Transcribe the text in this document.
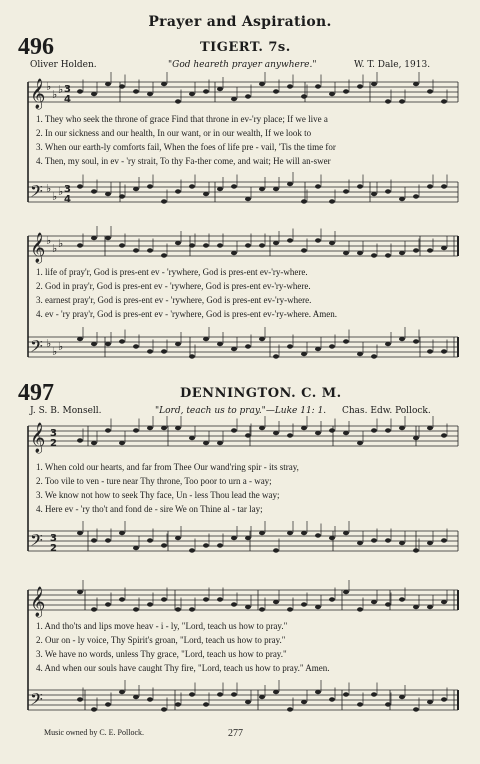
Prayer and Aspiration.
496	TIGERT. 7s.
Oliver Holden.	"God heareth prayer anywhere."	W. T. Dale, 1913.
𝄞
𝄢
𝄞
𝄢
𝄞
𝄢
𝄞
𝄢
♭
♭ ♭
♭
♭ ♭
♭
♭ ♭
♭
♭ ♭
3
4
3
4
3
2
3
2
1. They who seek the throne of grace Find that throne in ev-'ry place; If we live a
2. In our sickness and our health, In our want, or in our wealth, If we look to
3. When our earth-ly comforts fail, When the foes of life pre - vail, 'Tis the time for
4. Then, my soul, in ev - 'ry strait, To thy Fa-ther come, and wait; He will an-swer
1. life of pray'r, God is pres-ent ev - 'rywhere, God is pres-ent ev-'ry-where.
2. God in pray'r, God is pres-ent ev - 'rywhere, God is pres-ent ev-'ry-where.
3. earnest pray'r, God is pres-ent ev - 'rywhere, God is pres-ent ev-'ry-where.
4. ev - 'ry pray'r, God is pres-ent ev - 'rywhere, God is pres-ent ev-'ry-where. Amen.
497	DENNINGTON. C. M.
J. S. B. Monsell.	"Lord, teach us to pray."—Luke 11: 1. Chas. Edw. Pollock.
1. When cold our hearts, and far from Thee Our wand'ring spir - its stray,
2. Too vile to ven - ture near Thy throne, Too poor to urn a - way;
3. We know not how to seek Thy face, Un - less Thou lead the way;
4. Here ev - 'ry tho't and fond de - sire We on Thine al - tar lay;
1. And tho'ts and lips move heav - i - ly, "Lord, teach us how to pray."
2. Our on - ly voice, Thy Spirit's groan, "Lord, teach us how to pray."
3. We have no words, unless Thy grace, "Lord, teach us how to pray."
4. And when our souls have caught Thy fire, "Lord, teach us how to pray." Amen.
Music owned by C. E. Pollock.	277
